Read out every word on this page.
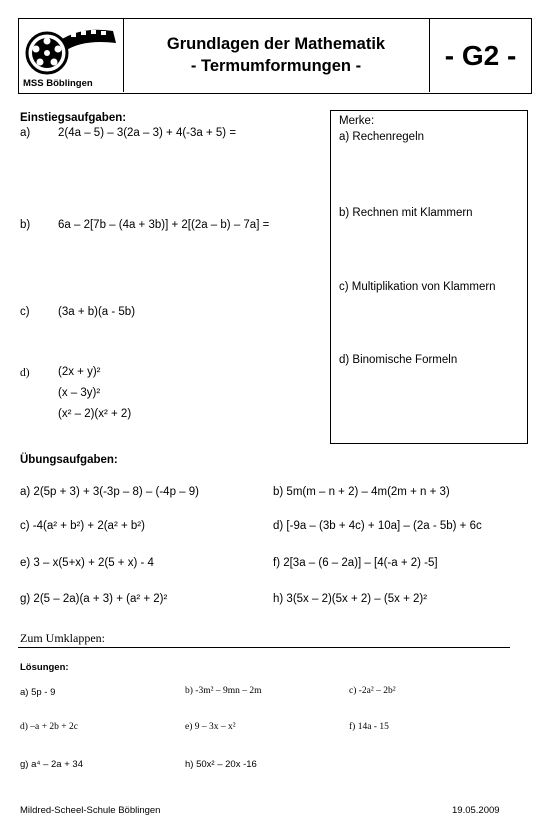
MSS Böblingen
Grundlagen der Mathematik
- Termumformungen -	- G2 -
Einstiegsaufgaben:
a) 2(4a – 5) – 3(2a – 3) + 4(-3a + 5) =
b) 6a – 2[7b – (4a + 3b)] + 2[(2a – b) – 7a] =
c) (3a + b)(a - 5b)
d) (2x + y)²
(x – 3y)²
(x² – 2)(x² + 2)
Merke:
a) Rechenregeln
b) Rechnen mit Klammern
c) Multiplikation von Klammern
d) Binomische Formeln
Übungsaufgaben:
a) 2(5p + 3) + 3(-3p – 8) – (-4p – 9)	b) 5m(m – n + 2) – 4m(2m + n + 3)
c) -4(a² + b²) + 2(a² + b²)	d) [-9a – (3b + 4c) + 10a] – (2a - 5b) + 6c
e) 3 – x(5+x) + 2(5 + x) - 4	f) 2[3a – (6 – 2a)] – [4(-a + 2) -5]
g) 2(5 – 2a)(a + 3) + (a² + 2)²	h) 3(5x – 2)(5x + 2) – (5x + 2)²
Zum Umklappen:
Lösungen:
a) 5p - 9	b) -3m² – 9mn – 2m	c) -2a² – 2b²
d) –a + 2b + 2c	e) 9 – 3x – x²	f) 14a - 15
g) a⁴ – 2a + 34	h) 50x² – 20x -16
Mildred-Scheel-Schule Böblingen	19.05.2009
